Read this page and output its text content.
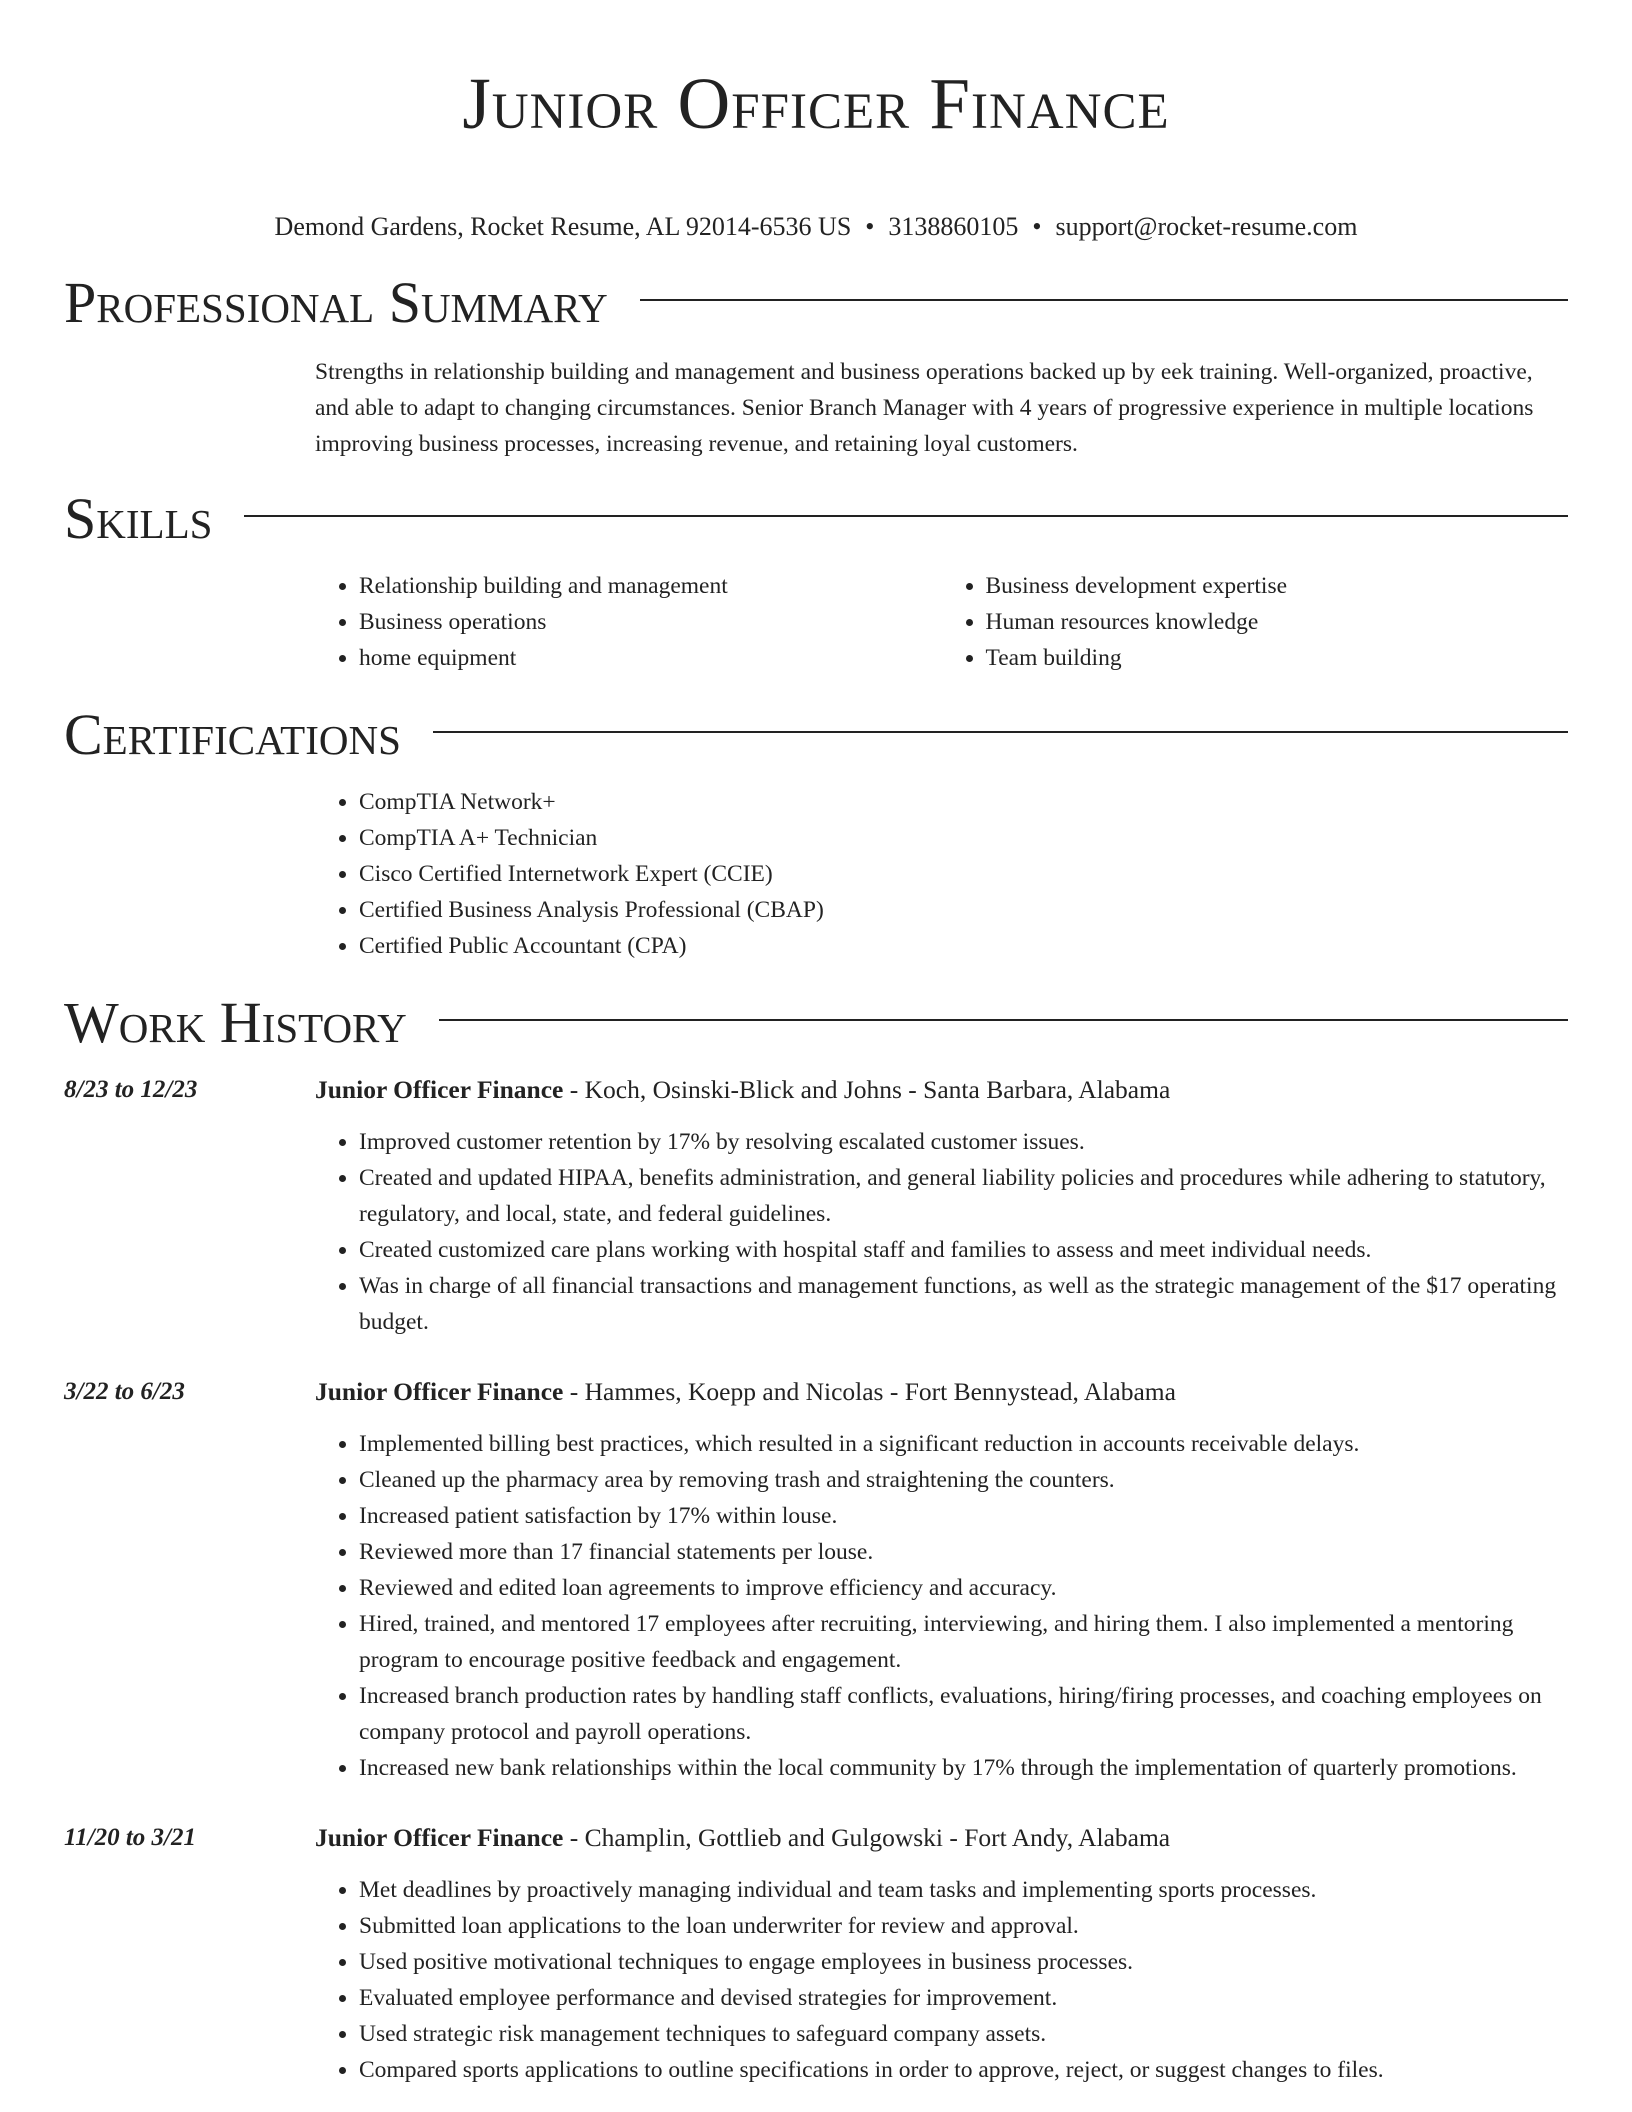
Junior Officer Finance
Demond Gardens, Rocket Resume, AL 92014-6536 US • 3138860105 • support@rocket-resume.com
Professional Summary
Strengths in relationship building and management and business operations backed up by eek training. Well-organized, proactive, and able to adapt to changing circumstances. Senior Branch Manager with 4 years of progressive experience in multiple locations improving business processes, increasing revenue, and retaining loyal customers.
Skills
• Relationship building and management
• Business operations
• home equipment
• Business development expertise
• Human resources knowledge
• Team building
Certifications
• CompTIA Network+
• CompTIA A+ Technician
• Cisco Certified Internetwork Expert (CCIE)
• Certified Business Analysis Professional (CBAP)
• Certified Public Accountant (CPA)
Work History
8/23 to 12/23	Junior Officer Finance - Koch, Osinski-Blick and Johns - Santa Barbara, Alabama
• Improved customer retention by 17% by resolving escalated customer issues.
• Created and updated HIPAA, benefits administration, and general liability policies and procedures while adhering to statutory, regulatory, and local, state, and federal guidelines.
• Created customized care plans working with hospital staff and families to assess and meet individual needs.
• Was in charge of all financial transactions and management functions, as well as the strategic management of the $17 operating budget.
3/22 to 6/23	Junior Officer Finance - Hammes, Koepp and Nicolas - Fort Bennystead, Alabama
• Implemented billing best practices, which resulted in a significant reduction in accounts receivable delays.
• Cleaned up the pharmacy area by removing trash and straightening the counters.
• Increased patient satisfaction by 17% within louse.
• Reviewed more than 17 financial statements per louse.
• Reviewed and edited loan agreements to improve efficiency and accuracy.
• Hired, trained, and mentored 17 employees after recruiting, interviewing, and hiring them. I also implemented a mentoring program to encourage positive feedback and engagement.
• Increased branch production rates by handling staff conflicts, evaluations, hiring/firing processes, and coaching employees on company protocol and payroll operations.
• Increased new bank relationships within the local community by 17% through the implementation of quarterly promotions.
11/20 to 3/21	Junior Officer Finance - Champlin, Gottlieb and Gulgowski - Fort Andy, Alabama
• Met deadlines by proactively managing individual and team tasks and implementing sports processes.
• Submitted loan applications to the loan underwriter for review and approval.
• Used positive motivational techniques to engage employees in business processes.
• Evaluated employee performance and devised strategies for improvement.
• Used strategic risk management techniques to safeguard company assets.
• Compared sports applications to outline specifications in order to approve, reject, or suggest changes to files.
